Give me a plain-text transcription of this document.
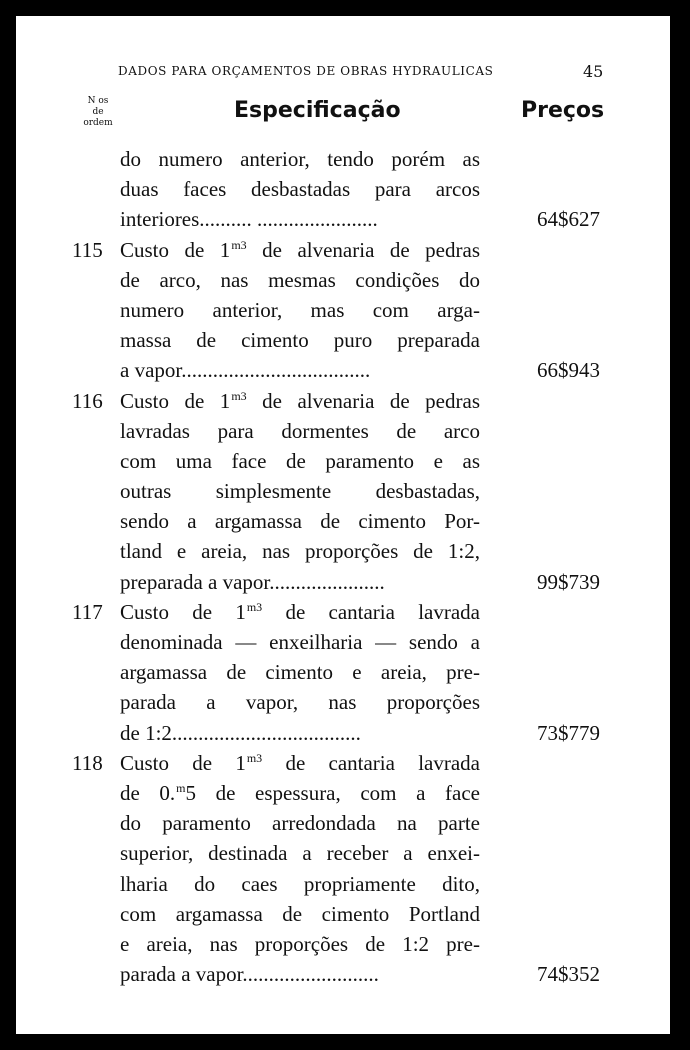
DADOS PARA ORÇAMENTOS DE OBRAS HYDRAULICAS	45
N os
de
ordem	Especificação	Preços
do numero anterior, tendo porém as
duas faces desbastadas para arcos
interiores.......... .......................	64$627
115 Custo de $1^{m3}$ de alvenaria de pedras
de arco, nas mesmas condições do
numero anterior, mas com arga-
massa de cimento puro preparada
a vapor....................................	66$943
116 Custo de $1^{m3}$ de alvenaria de pedras
lavradas para dormentes de arco
com uma face de paramento e as
outras simplesmente desbastadas,
sendo a argamassa de cimento Por-
tland e areia, nas proporções de 1:2,
preparada a vapor......................	99$739
117 Custo de $1^{m3}$ de cantaria lavrada
denominada — enxeilharia — sendo a
argamassa de cimento e areia, pre-
parada a vapor, nas proporções
de 1:2....................................	73$779
118 Custo de $1^{m3}$ de cantaria lavrada
de 0.$^m$5 de espessura, com a face
do paramento arredondada na parte
superior, destinada a receber a enxei-
lharia do caes propriamente dito,
com argamassa de cimento Portland
e areia, nas proporções de 1:2 pre-
parada a vapor..........................	74$352
